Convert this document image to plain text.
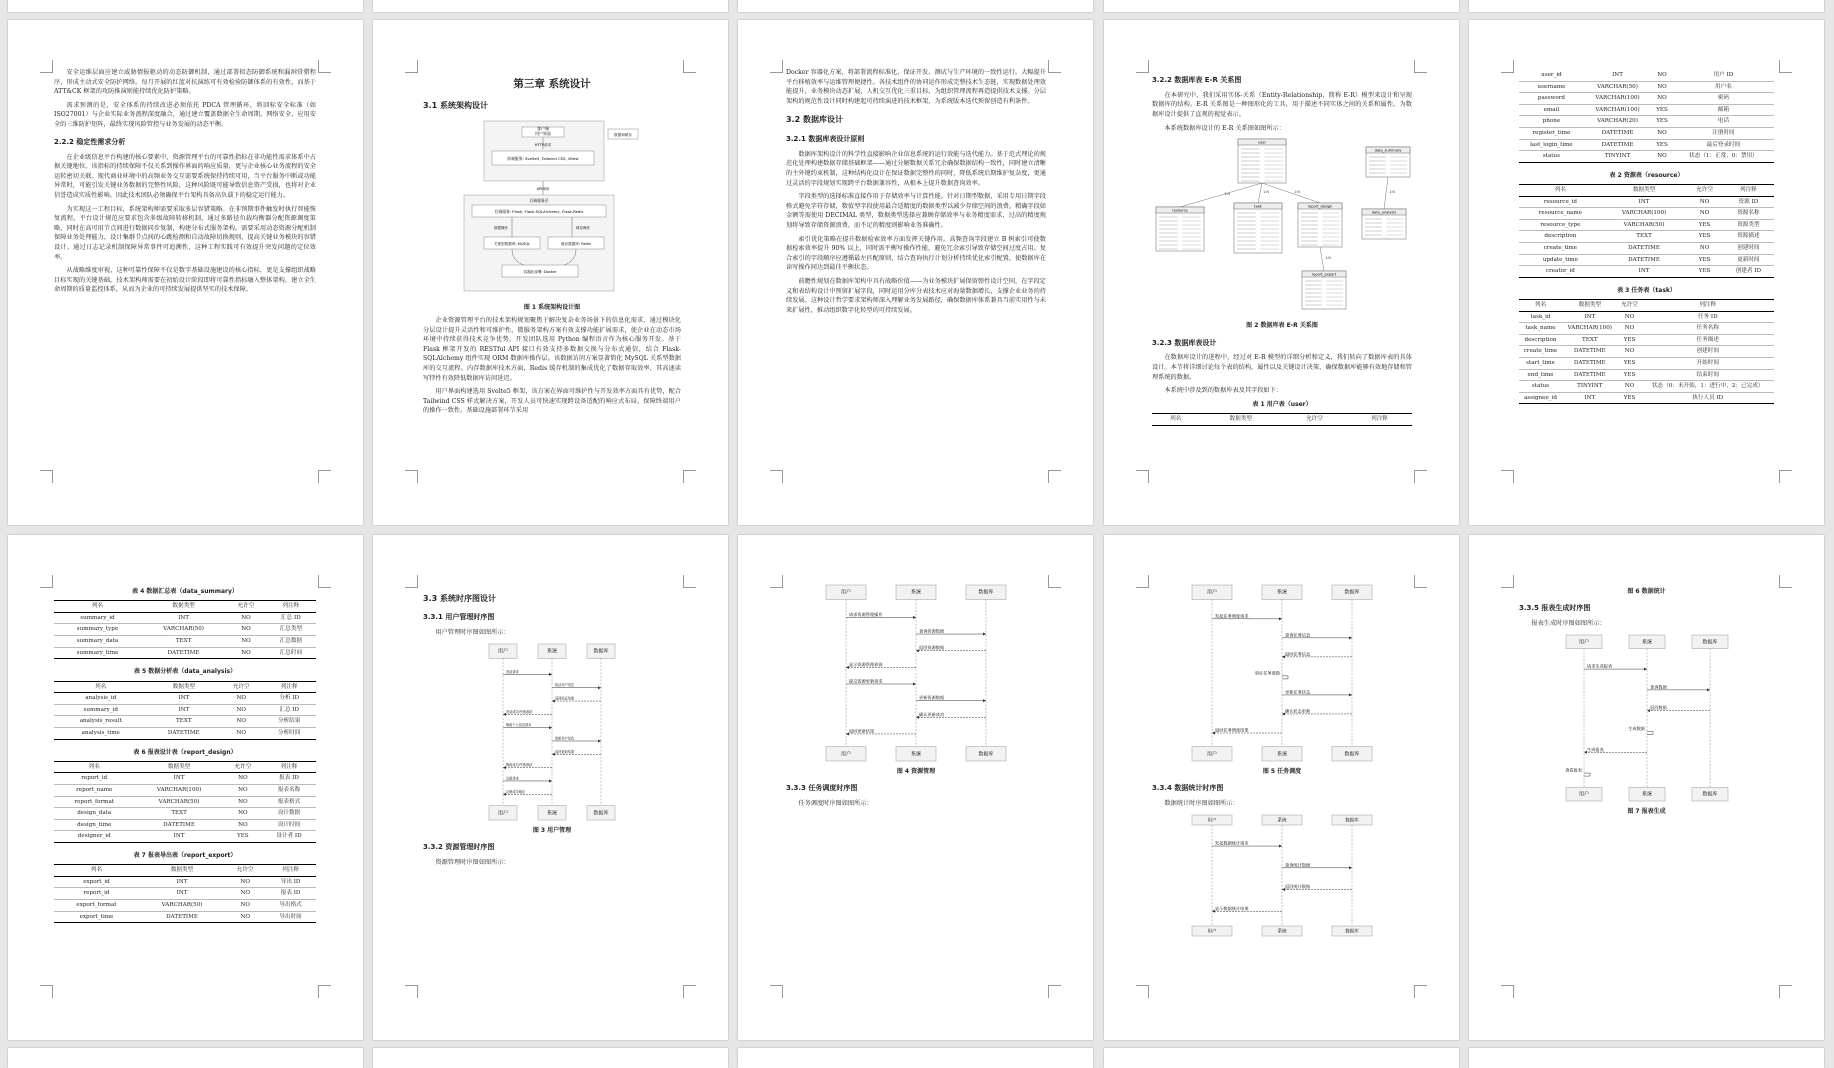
安全运维层面应建立威胁情报驱动的动态防御机制，通过部署拟态防御系统和漏洞赏猎程序，形成主动式安全防护网络。每月开展的红蓝对抗演练可有效检验防御体系的有效性，而基于 ATT&CK 框架的攻防推演则能持续优化防护策略。

需求预测的是，安全体系的持续改进必须依托 PDCA 管理循环，将回标安全标准（如 ISO27001）与企业实际业务流程深度融合，通过建立覆盖数据全生命周期、网络安全、应用安全的三维防护矩阵，最终实现风险管控与业务发展的动态平衡。

2.2.2 稳定性需求分析

在企业级信息平台构建的核心要素中，资源管理平台的可靠性指标在非功能性需求体系中占据关键地位。该指标的持续保障不仅关系到操作界面的响应质量，更与企业核心业务流程的安全运转密切关联。现代商业环境中的高频业务交互需要系统保持持续可用，当平台服务中断或功能异常时，可能引发关键业务数据的完整性风险，这种风险既可能导致信息资产受损，也将对企业信誉造成实质性影响。因此技术团队必须确保平台架构具备高负载下的稳定运行能力。

为实现这一工程目标，系统架构师需要采取多层容错策略。在非预期事件触发时执行智能恢复流程，平台设计规范应要求包含多级故障转移机制，通过多路径负载均衡器分配资源调度策略，同时在高可用节点间进行数据同步复制，构建分布式服务架构。需要采用动态资源分配机制保障业务处理能力，设计集群节点间的心跳检测和自动故障切换规则，提高关键业务模块的容错设计。通过日志记录机制保障异常事件可追溯性，这种工程实践可有效提升突发问题的定位效率。

从战略维度审视，这种可靠性保障不仅是数字基础设施建设的核心指标，更是支撑组织战略目标实现的关键基础。技术架构师需要在初始设计阶段即将可靠性指标融入整体架构，建立全生命周期的质量监控体系，从而为企业的可持续发展提供坚实的技术保障。

第三章 系统设计
3.1 系统架构设计
客户端
用户界面
HTTP请求
前端服务: Svelte5, Tailwind CSS, Vitest
数据和缓存
API调用
后端服务层
后端服务: Flask, Flask-SQLAlchemy, Flask-Redis
数据操作	缓存操作
关系型数据库: MySQL	缓存数据库: Redis
容器化部署: Docker
图 1 系统架构设计图

企业资源管理平台的技术架构规划聚焦于解决复杂业务场景下的信息化需求，通过模块化分层设计提升灵活性和可维护性，微服务架构方案有效支撑功能扩展需求，使企业在动态市场环境中持续获得技术竞争优势。开发团队选用 Python 编程语言作为核心服务开发。基于 Flask 框架开发的 RESTful API 接口有效支持多数据交换与分布式通信，结合 Flask-SQLAlchemy 组件实现 ORM 数据库操作层。该数据访问方案显著简化 MySQL 关系型数据库的交互流程。内存数据库技术方面，Redis 缓存机制的集成优化了数据存取效率，其高速读写特性有效降低数据库访问延迟。

用户界面构建选用 Svelte5 框架，该方案在界面可维护性与开发效率方面具有优势，配合 Tailwind CSS 样式解决方案，开发人员可快速实现跨设备适配的响应式布局，保障终端用户的操作一致性。基础设施部署环节采用

Docker 容器化方案，将部署流程标准化，保证开发、测试与生产环境的一致性运行。大幅提升平台移植效率与运维管理便捷性。各技术组件的协同运作形成完整技术生态链，实现数据处理效能提升，业务模块动态扩展，人机交互优化三重目标，为组织管理流程再造提供技术支撑。分层架构的规范性设计同时构建起可持续演进的技术框架，为系统版本迭代预留创造有利条件。

3.2 数据库设计
3.2.1 数据库表设计原则

数据库架构设计的科学性直接影响企业信息系统的运行效能与迭代能力。基于范式理论的规范化处理构建数据存储基础框架——通过分解数据关系冗余确保数据结构一致性，同时建立清晰的主外键约束机制，这种结构化设计在保证数据完整性的同时，降低系统后期维护复杂度，更通过灵活的字段规划实现跨平台数据兼容性，从根本上提升数据查询效率。

字段类型的选择标准直接作用于存储效率与计算性能。针对日期型数据，采用专用日期字段格式避免字符存储，数值型字段使用最合适精度的数据类型以减少存储空间的浪费。精确字段如金额等需使用 DECIMAL 类型，数据类型选择应兼顾存储效率与业务精度需求，过高的精度规划将导致存储资源浪费，而不足的精度则影响业务准确性。

索引优化策略在提升数据检索效率方面发挥关键作用。高频查询字段建立 B 树索引可使数据检索效率提升 90% 以上，同时需平衡写操作性能，避免冗余索引导致存储空间过度占用。复合索引的字段顺序应遵循最左匹配原则，结合查询执行计划分析持续优化索引配置，使数据库在读写操作间达到最佳平衡状态。

前瞻性规划在数据库架构中具有战略价值——为业务模块扩展保留弹性设计空间，在字段定义和表结构设计中预留扩展字段，同时运用分库分表技术应对海量数据增长，支撑企业业务的持续发展。这种设计哲学要求架构师深入理解业务发展路径，确保数据库体系兼具当前实用性与未来扩展性，推动组织数字化转型的可持续发展。

3.2.2 数据库表 E-R 关系图

在本研究中，我们采用实体-关系（Entity-Relationship，简称 E-R）模型来设计和呈现数据库的结构。E-R 关系图是一种图形化的工具，用于描述不同实体之间的关系和属性。为数据库设计提供了直观的视觉表示。

本系统数据库设计的 E-R 关系图如图所示：

1:N	1:N	1:N	1:N
1:N
user
data_summary
resource
task	report_design
data_analysis
report_export
图 2 数据库表 E-R 关系图
3.2.3 数据库表设计

在数据库设计的进程中，经过对 E-R 模型的详细分析和定义，我们转向了数据库表的具体设计。本节将详细讨论每个表的结构，属性以及关键设计决策，确保数据库能够有效地存储和管理系统的数据。

本系统中涉及到的数据库表及其字段如下：

表 1 用户表（user）
列名	数据类型	允许空	列注释
user_id	INT	NO	用户 ID
username	VARCHAR(50)	NO	用户名
password	VARCHAR(100)	NO	密码
email	VARCHAR(100)	YES	邮箱
phone	VARCHAR(20)	YES	电话
register_time	DATETIME	NO	注册时间
last_login_time	DATETIME	YES	最后登录时间
status	TINYINT	NO	状态（1：正常，0：禁用）
表 2 资源表（resource）
列名	数据类型	允许空	列注释
resource_id	INT	NO	资源 ID
resource_name	VARCHAR(100)	NO	资源名称
resource_type	VARCHAR(50)	YES	资源类型
description	TEXT	YES	资源描述
create_time	DATETIME	NO	创建时间
update_time	DATETIME	YES	更新时间
creator_id	INT	YES	创建者 ID
表 3 任务表（task）
列名	数据类型	允许空	列注释
task_id	INT	NO	任务 ID
task_name	VARCHAR(100)	NO	任务名称
description	TEXT	YES	任务描述
create_time	DATETIME	NO	创建时间
start_time	DATETIME	YES	开始时间
end_time	DATETIME	YES	结束时间
status	TINYINT	NO	状态（0：未开始，1：进行中，2：已完成）
assignee_id	INT	YES	执行人员 ID
表 4 数据汇总表（data_summary）
列名	数据类型	允许空	列注释
summary_id	INT	NO	汇总 ID
summary_type	VARCHAR(50)	NO	汇总类型
summary_data	TEXT	NO	汇总数据
summary_time	DATETIME	NO	汇总时间
表 5 数据分析表（data_analysis）
列名	数据类型	允许空	列注释
analysis_id	INT	NO	分析 ID
summary_id	INT	NO	汇总 ID
analysis_result	TEXT	NO	分析结果
analysis_time	DATETIME	NO	分析时间
表 6 报表设计表（report_design）
列名	数据类型	允许空	列注释
report_id	INT	NO	报表 ID
report_name	VARCHAR(100)	NO	报表名称
report_format	VARCHAR(50)	NO	报表格式
design_data	TEXT	NO	设计数据
design_time	DATETIME	NO	设计时间
designer_id	INT	YES	设计者 ID
表 7 报表导出表（report_export）
列名	数据类型	允许空	列注释
export_id	INT	NO	导出 ID
report_id	INT	NO	报表 ID
export_format	VARCHAR(50)	NO	导出格式
export_time	DATETIME	NO	导出时间
3.3 系统时序图设计
3.3.1 用户管理时序图

用户管理时序图如图所示：

用户	系统	数据库
用户	系统	数据库
登录请求
验证用户信息
返回验证结果
登录成功/失败响应
修改个人信息请求
更新用户信息
返回更新结果
修改成功/失败响应
注销请求
注销成功响应
图 3 用户管理
3.3.2 资源管理时序图

资源管理时序图如图所示：

用户	系统	数据库
用户	系统	数据库
请求资源管理操作
查询资源数据
返回资源数据
显示资源管理界面
提交资源更新请求
更新资源数据
确认更新成功
返回更新结果
图 4 资源管理
3.3.3 任务调度时序图

任务调度时序图如图所示：

用户	系统	数据库
用户	系统	数据库
发起任务调度请求
查询任务信息
返回任务信息
验证任务参数
更新任务状态
确认状态更新
返回任务调度结果
图 5 任务调度
3.3.4 数据统计时序图

数据统计时序图如图所示：

用户	系统	数据库
用户	系统	数据库
发起数据统计请求
查询统计数据
返回统计数据
显示数据统计结果
图 6 数据统计
3.3.5 报表生成时序图

报表生成时序图如图所示：

用户	系统	数据库
用户	系统	数据库
请求生成报表
查询数据
返回数据
生成数据
生成报表
查看报表
图 7 报表生成
